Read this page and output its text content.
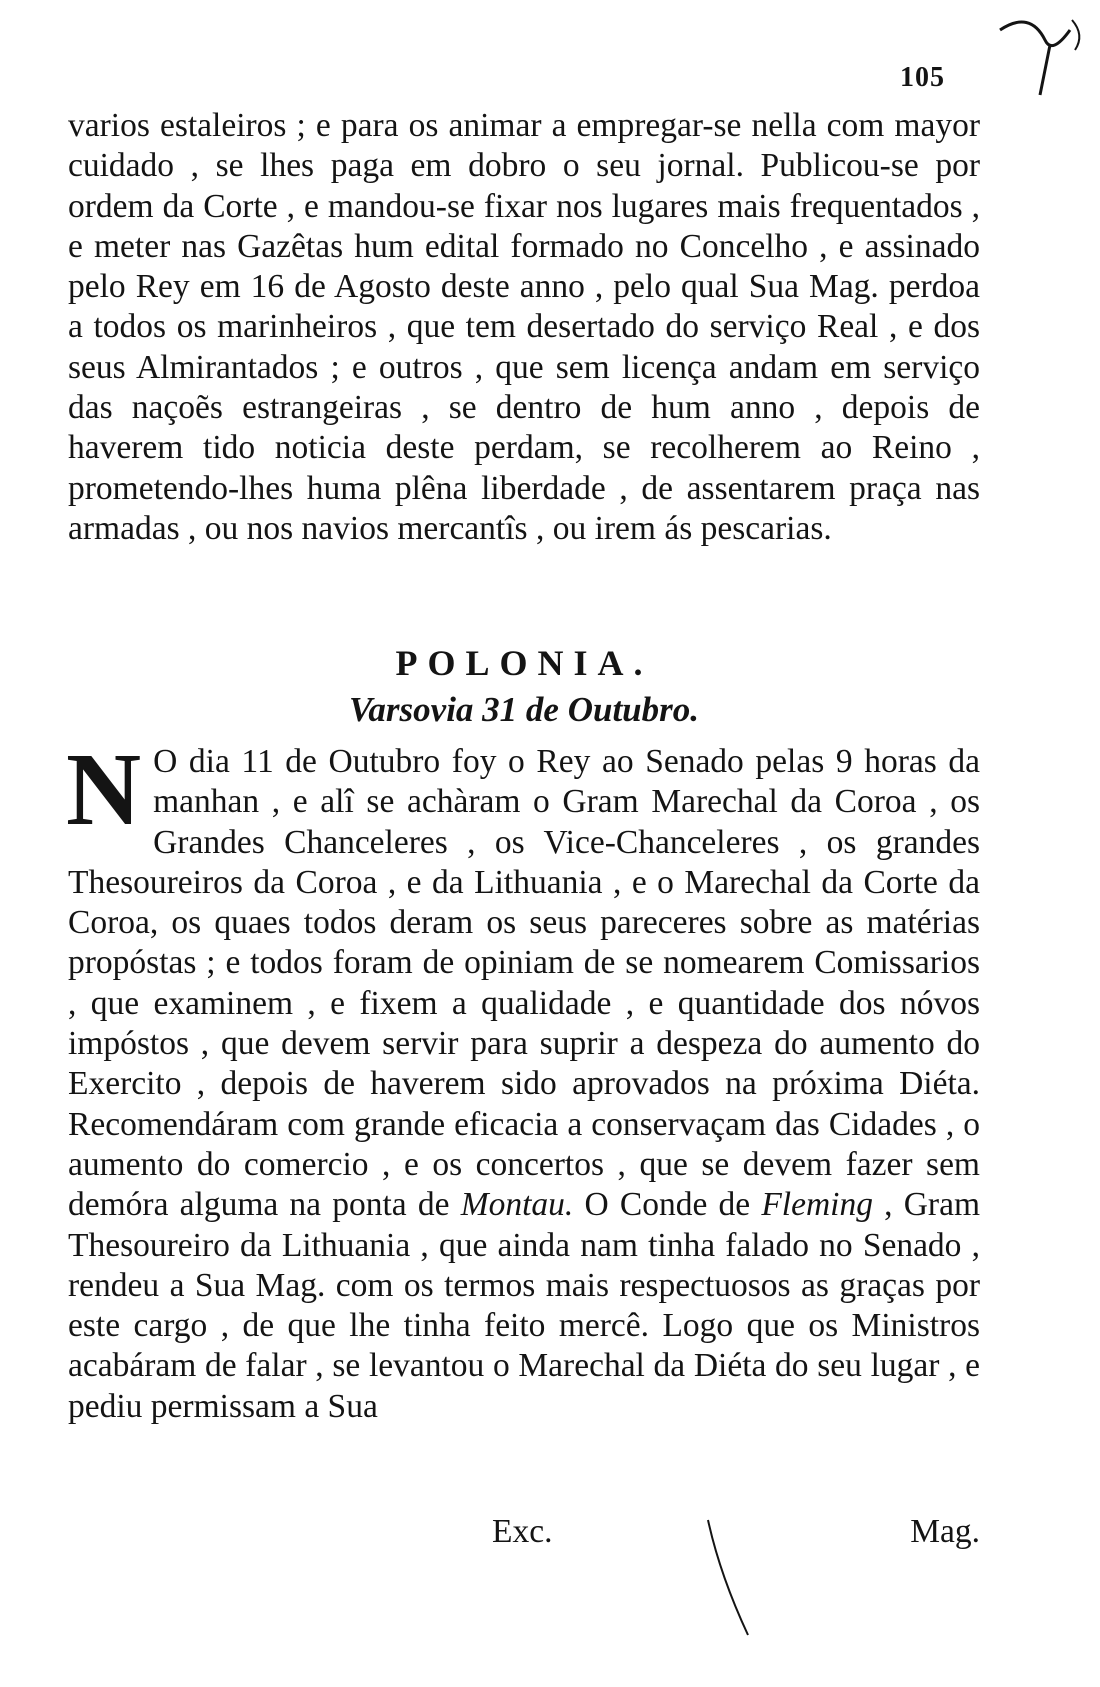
105
varios estaleiros ; e para os animar a empregar-se nella com mayor cuidado , se lhes paga em dobro o seu jornal. Publicou-se por ordem da Corte , e mandou-se fixar nos lugares mais frequentados , e meter nas Gazêtas hum edital formado no Concelho , e assinado pelo Rey em 16 de Agosto deste anno , pelo qual Sua Mag. perdoa a todos os marinheiros , que tem desertado do serviço Real , e dos seus Almirantados ; e outros , que sem licença andam em serviço das naçoẽs estrangeiras , se dentro de hum anno , depois de haverem tido noticia deste perdam, se recolherem ao Reino , prometendo-lhes huma plêna liberdade , de assentarem praça nas armadas , ou nos navios mercantîs , ou irem ás pescarias.
POLONIA.
Varsovia 31 de Outubro.
N O dia 11 de Outubro foy o Rey ao Senado pelas 9 horas da manhan , e alî se achàram o Gram Marechal da Coroa , os Grandes Chanceleres , os Vice-Chanceleres , os grandes Thesoureiros da Coroa , e da Lithuania , e o Marechal da Corte da Coroa, os quaes todos deram os seus pareceres sobre as matérias propóstas ; e todos foram de opiniam de se nomearem Comissarios , que examinem , e fixem a qualidade , e quantidade dos nóvos impóstos , que devem servir para suprir a despeza do aumento do Exercito , depois de haverem sido aprovados na próxima Diéta. Recomendáram com grande eficacia a conservaçam das Cidades , o aumento do comercio , e os concertos , que se devem fazer sem demóra alguma na ponta de Montau. O Conde de Fleming , Gram Thesoureiro da Lithuania , que ainda nam tinha falado no Senado , rendeu a Sua Mag. com os termos mais respectuosos as graças por este cargo , de que lhe tinha feito mercê. Logo que os Ministros acabáram de falar , se levantou o Marechal da Diéta do seu lugar , e pediu permissam a Sua
Exc.	Mag.
